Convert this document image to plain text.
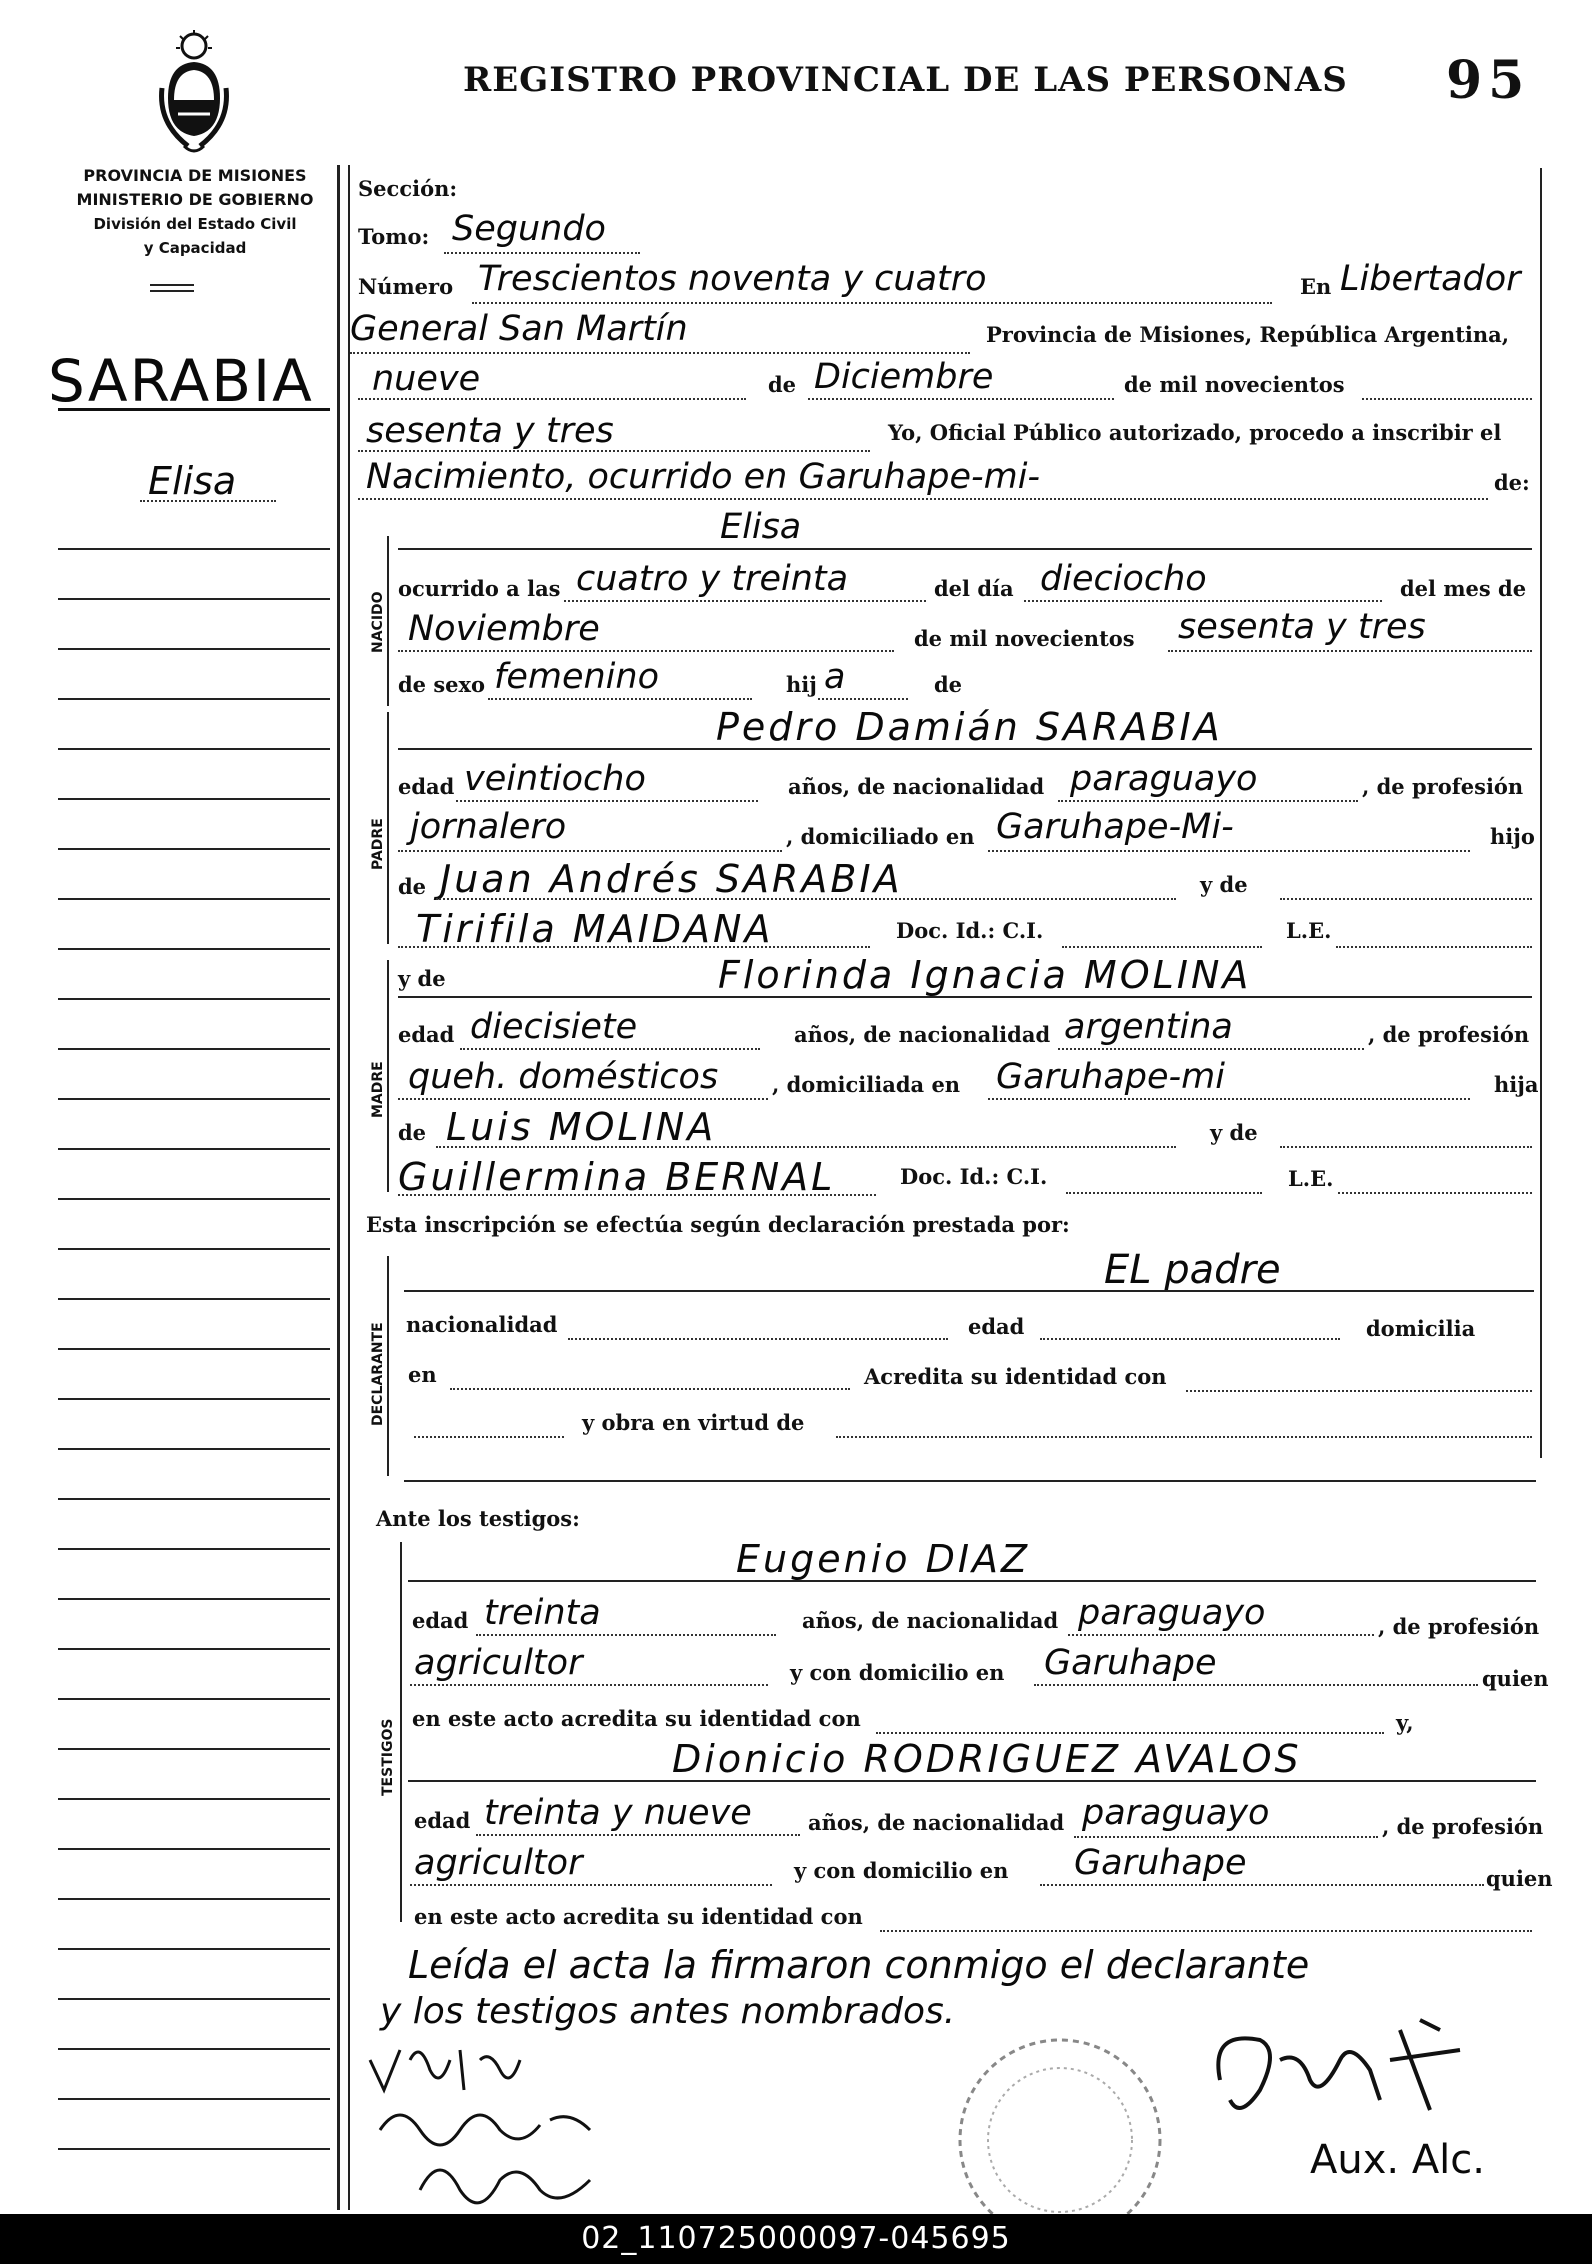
PROVINCIA DE MISIONES
MINISTERIO DE GOBIERNO
División del Estado Civil
y Capacidad
REGISTRO PROVINCIAL DE LAS PERSONAS 95
SARABIA
Elisa
NACIDO
PADRE
MADRE
DECLARANTE
TESTIGOS
Sección:
Tomo: Segundo
Número Trescientos noventa y cuatro	En Libertador
General San Martín	Provincia de Misiones, República Argentina,
nueve	de Diciembre	de mil novecientos
sesenta y tres	Yo, Oficial Público autorizado, procedo a inscribir el
Nacimiento, ocurrido en Garuhape-mi-	de:
Elisa
ocurrido a las cuatro y treinta	del día dieciocho	del mes de
Noviembre	de mil novecientos sesenta y tres
de sexo femenino	hij a	de
Pedro Damián SARABIA
edad veintiocho	años, de nacionalidad paraguayo	, de profesión
jornalero	, domiciliado en Garuhape-Mi-	hijo
de Juan Andrés SARABIA	y de
Tirifila MAIDANA	Doc. Id.: C.I.	L.E.
y de	Florinda Ignacia MOLINA
edad diecisiete	años, de nacionalidad argentina	, de profesión
queh. domésticos	, domiciliada en Garuhape-mi	hija
de Luis MOLINA	y de
Guillermina BERNAL	Doc. Id.: C.I.	L.E.
Esta inscripción se efectúa según declaración prestada por:
EL padre
nacionalidad	edad	domicilia
en	Acredita su identidad con
y obra en virtud de
Ante los testigos:
Eugenio DIAZ
edad treinta	años, de nacionalidad paraguayo	, de profesión
agricultor	y con domicilio en Garuhape	quien
en este acto acredita su identidad con	y,
Dionicio RODRIGUEZ AVALOS
edad treinta y nueve	años, de nacionalidad paraguayo	, de profesión
agricultor	y con domicilio en Garuhape	quien
en este acto acredita su identidad con
Leída el acta la firmaron conmigo el declarante
y los testigos antes nombrados.
Aux. Alc.
02_110725000097-045695
